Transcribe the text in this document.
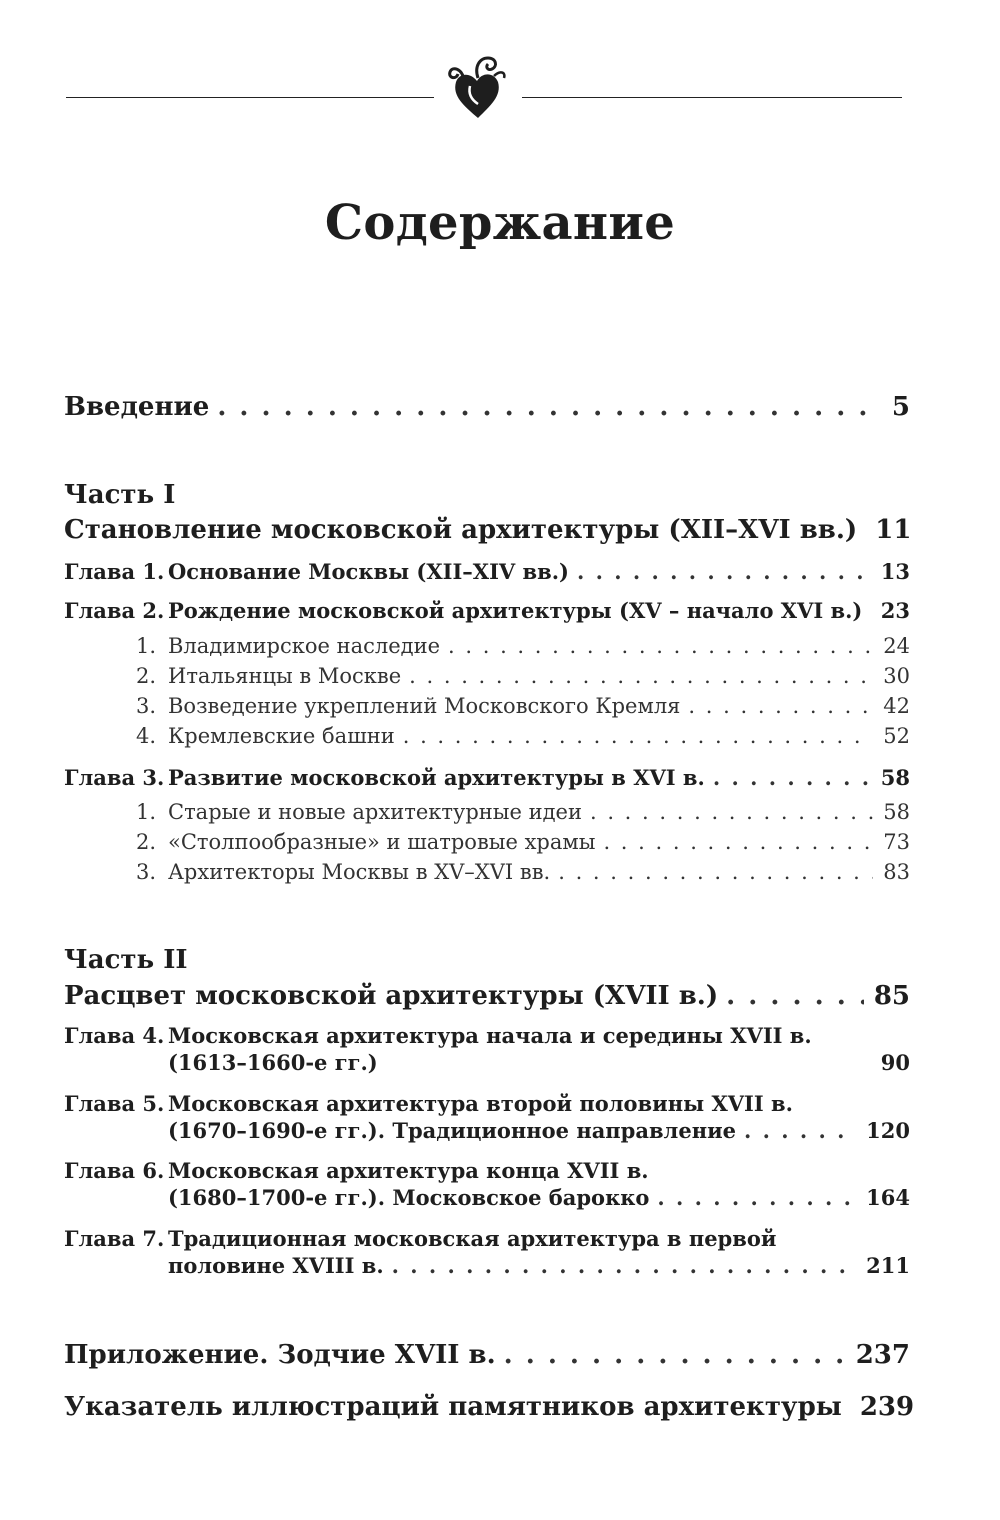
Содержание
Введение . . .	5
Часть I
Становление московской архитектуры (XII–XVI вв.) 11
Глава 1. Основание Москвы (XII–XIV вв.) . . .	13
Глава 2. Рождение московской архитектуры (XV – начало XVI в.) . . . 23
1. Владимирское наследие . . .	24
2. Итальянцы в Москве . . .	30
3. Возведение укреплений Московского Кремля . . .	42
4. Кремлевские башни . . .	52
Глава 3. Развитие московской архитектуры в XVI в. . . .	58
1. Старые и новые архитектурные идеи . . .	58
2. «Столпообразные» и шатровые храмы . . .	73
3. Архитекторы Москвы в XV–XVI вв. . . .	83
Часть II
Расцвет московской архитектуры (XVII в.) . . .	85
Глава 4. Московская архитектура начала и середины XVII в.
(1613–1660-е гг.)	90
Глава 5. Московская архитектура второй половины XVII в.
(1670–1690-е гг.). Традиционное направление . . .	120
Глава 6. Московская архитектура конца XVII в.
(1680–1700-е гг.). Московское барокко . . .	164
Глава 7. Традиционная московская архитектура в первой
половине XVIII в. . . .	211
Приложение. Зодчие XVII в. . . .	237
Указатель иллюстраций памятников архитектуры 239
